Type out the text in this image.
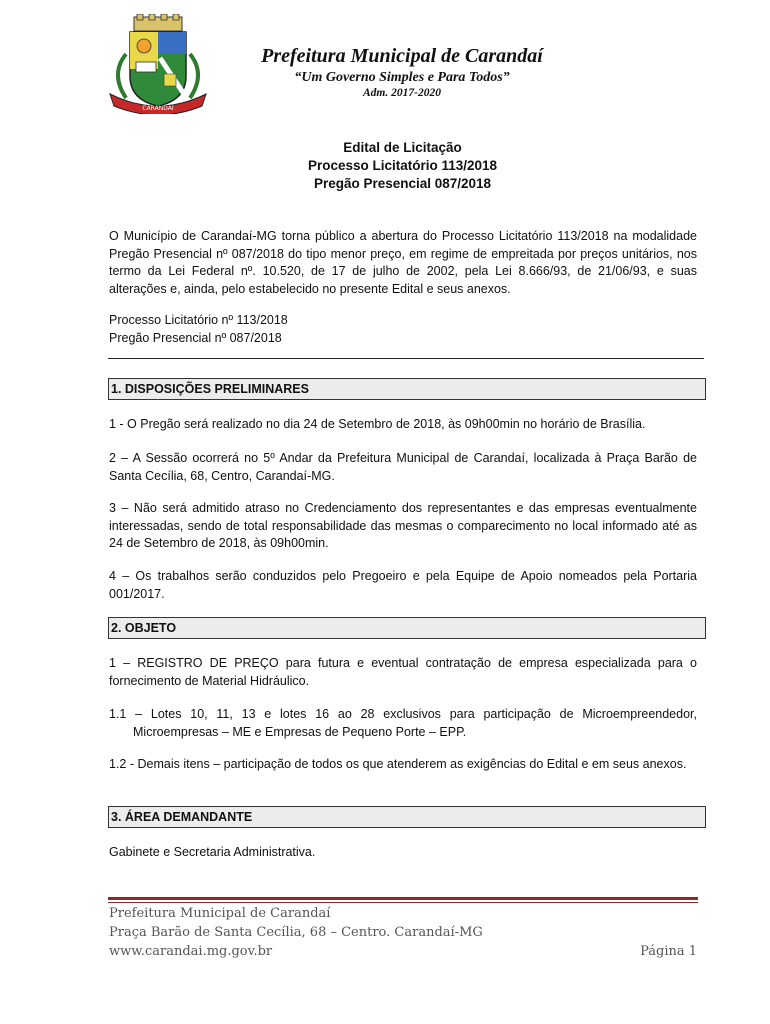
CARANDAÍ
Prefeitura Municipal de Carandaí
“Um Governo Simples e Para Todos”
Adm. 2017-2020
Edital de Licitação
Processo Licitatório 113/2018
Pregão Presencial 087/2018
O Município de Carandaí-MG torna público a abertura do Processo Licitatório 113/2018 na modalidade Pregão Presencial nº 087/2018 do tipo menor preço, em regime de empreitada por preços unitários, nos termo da Lei Federal nº. 10.520, de 17 de julho de 2002, pela Lei 8.666/93, de 21/06/93, e suas alterações e, ainda, pelo estabelecido no presente Edital e seus anexos.
Processo Licitatório nº 113/2018
Pregão Presencial nº 087/2018
1. DISPOSIÇÕES PRELIMINARES
1 - O Pregão será realizado no dia 24 de Setembro de 2018, às 09h00min no horário de Brasília.
2 – A Sessão ocorrerá no 5º Andar da Prefeitura Municipal de Carandaí, localizada à Praça Barão de Santa Cecília, 68, Centro, Carandaí-MG.
3 – Não será admitido atraso no Credenciamento dos representantes e das empresas eventualmente interessadas, sendo de total responsabilidade das mesmas o comparecimento no local informado até as 24 de Setembro de 2018, às 09h00min.
4 – Os trabalhos serão conduzidos pelo Pregoeiro e pela Equipe de Apoio nomeados pela Portaria 001/2017.
2. OBJETO
1 – REGISTRO DE PREÇO para futura e eventual contratação de empresa especializada para o fornecimento de Material Hidráulico.
1.1 – Lotes 10, 11, 13 e lotes 16 ao 28 exclusivos para participação de Microempreendedor, Microempresas – ME e Empresas de Pequeno Porte – EPP.
1.2 - Demais itens – participação de todos os que atenderem as exigências do Edital e em seus anexos.
3. ÁREA DEMANDANTE
Gabinete e Secretaria Administrativa.
Prefeitura Municipal de Carandaí
Praça Barão de Santa Cecília, 68 – Centro. Carandaí-MG
www.carandai.mg.gov.br	Página 1
